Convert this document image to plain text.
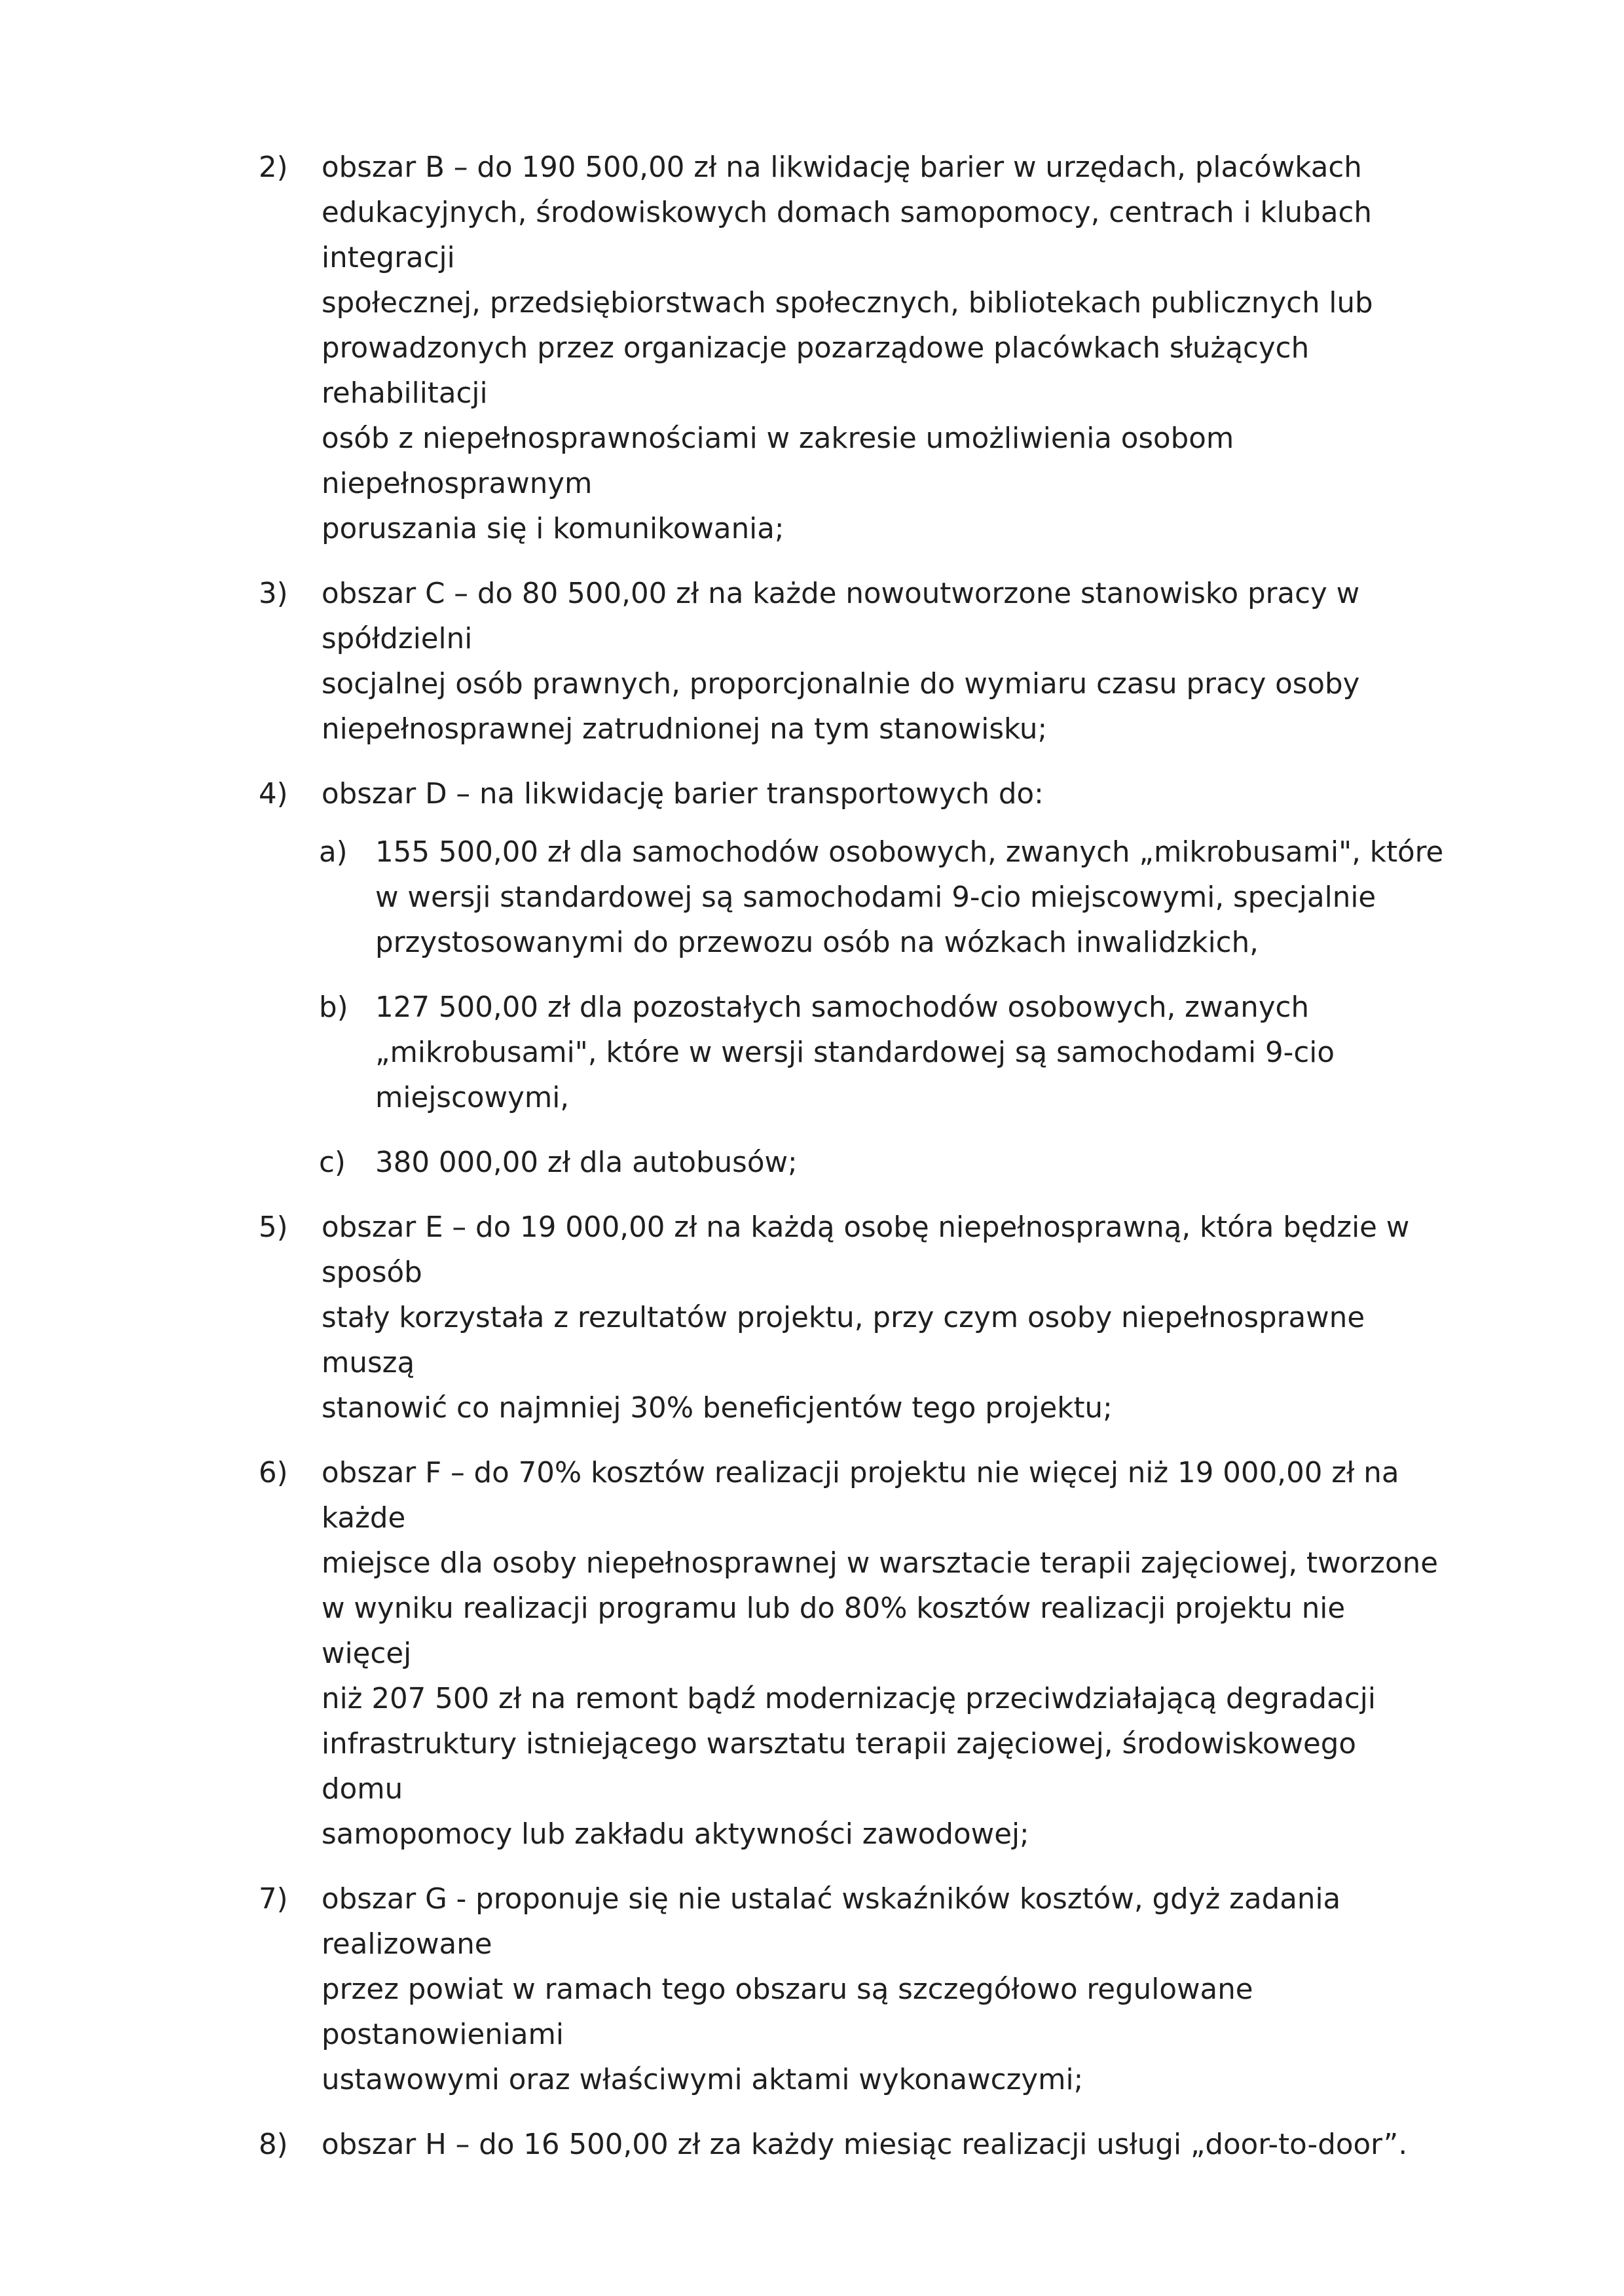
2)	obszar B – do 190 500,00 zł na likwidację barier w urzędach, placówkach
edukacyjnych, środowiskowych domach samopomocy, centrach i klubach integracji
społecznej, przedsiębiorstwach społecznych, bibliotekach publicznych lub
prowadzonych przez organizacje pozarządowe placówkach służących rehabilitacji
osób z niepełnosprawnościami w zakresie umożliwienia osobom niepełnosprawnym
poruszania się i komunikowania;
3)	obszar C – do 80 500,00 zł na każde nowoutworzone stanowisko pracy w spółdzielni
socjalnej osób prawnych, proporcjonalnie do wymiaru czasu pracy osoby
niepełnosprawnej zatrudnionej na tym stanowisku;
4)	obszar D – na likwidację barier transportowych do:
a) 155 500,00 zł dla samochodów osobowych, zwanych „mikrobusami", które
w wersji standardowej są samochodami 9-cio miejscowymi, specjalnie
przystosowanymi do przewozu osób na wózkach inwalidzkich,
b) 127 500,00 zł dla pozostałych samochodów osobowych, zwanych
„mikrobusami", które w wersji standardowej są samochodami 9-cio
miejscowymi,
c)	380 000,00 zł dla autobusów;
5)	obszar E – do 19 000,00 zł na każdą osobę niepełnosprawną, która będzie w sposób
stały korzystała z rezultatów projektu, przy czym osoby niepełnosprawne muszą
stanowić co najmniej 30% beneficjentów tego projektu;
6)	obszar F – do 70% kosztów realizacji projektu nie więcej niż 19 000,00 zł na każde
miejsce dla osoby niepełnosprawnej w warsztacie terapii zajęciowej, tworzone
w wyniku realizacji programu lub do 80% kosztów realizacji projektu nie więcej
niż 207 500 zł na remont bądź modernizację przeciwdziałającą degradacji
infrastruktury istniejącego warsztatu terapii zajęciowej, środowiskowego domu
samopomocy lub zakładu aktywności zawodowej;
7)	obszar G - proponuje się nie ustalać wskaźników kosztów, gdyż zadania realizowane
przez powiat w ramach tego obszaru są szczegółowo regulowane postanowieniami
ustawowymi oraz właściwymi aktami wykonawczymi;
8)	obszar H – do 16 500,00 zł za każdy miesiąc realizacji usługi „door-to-door”.
